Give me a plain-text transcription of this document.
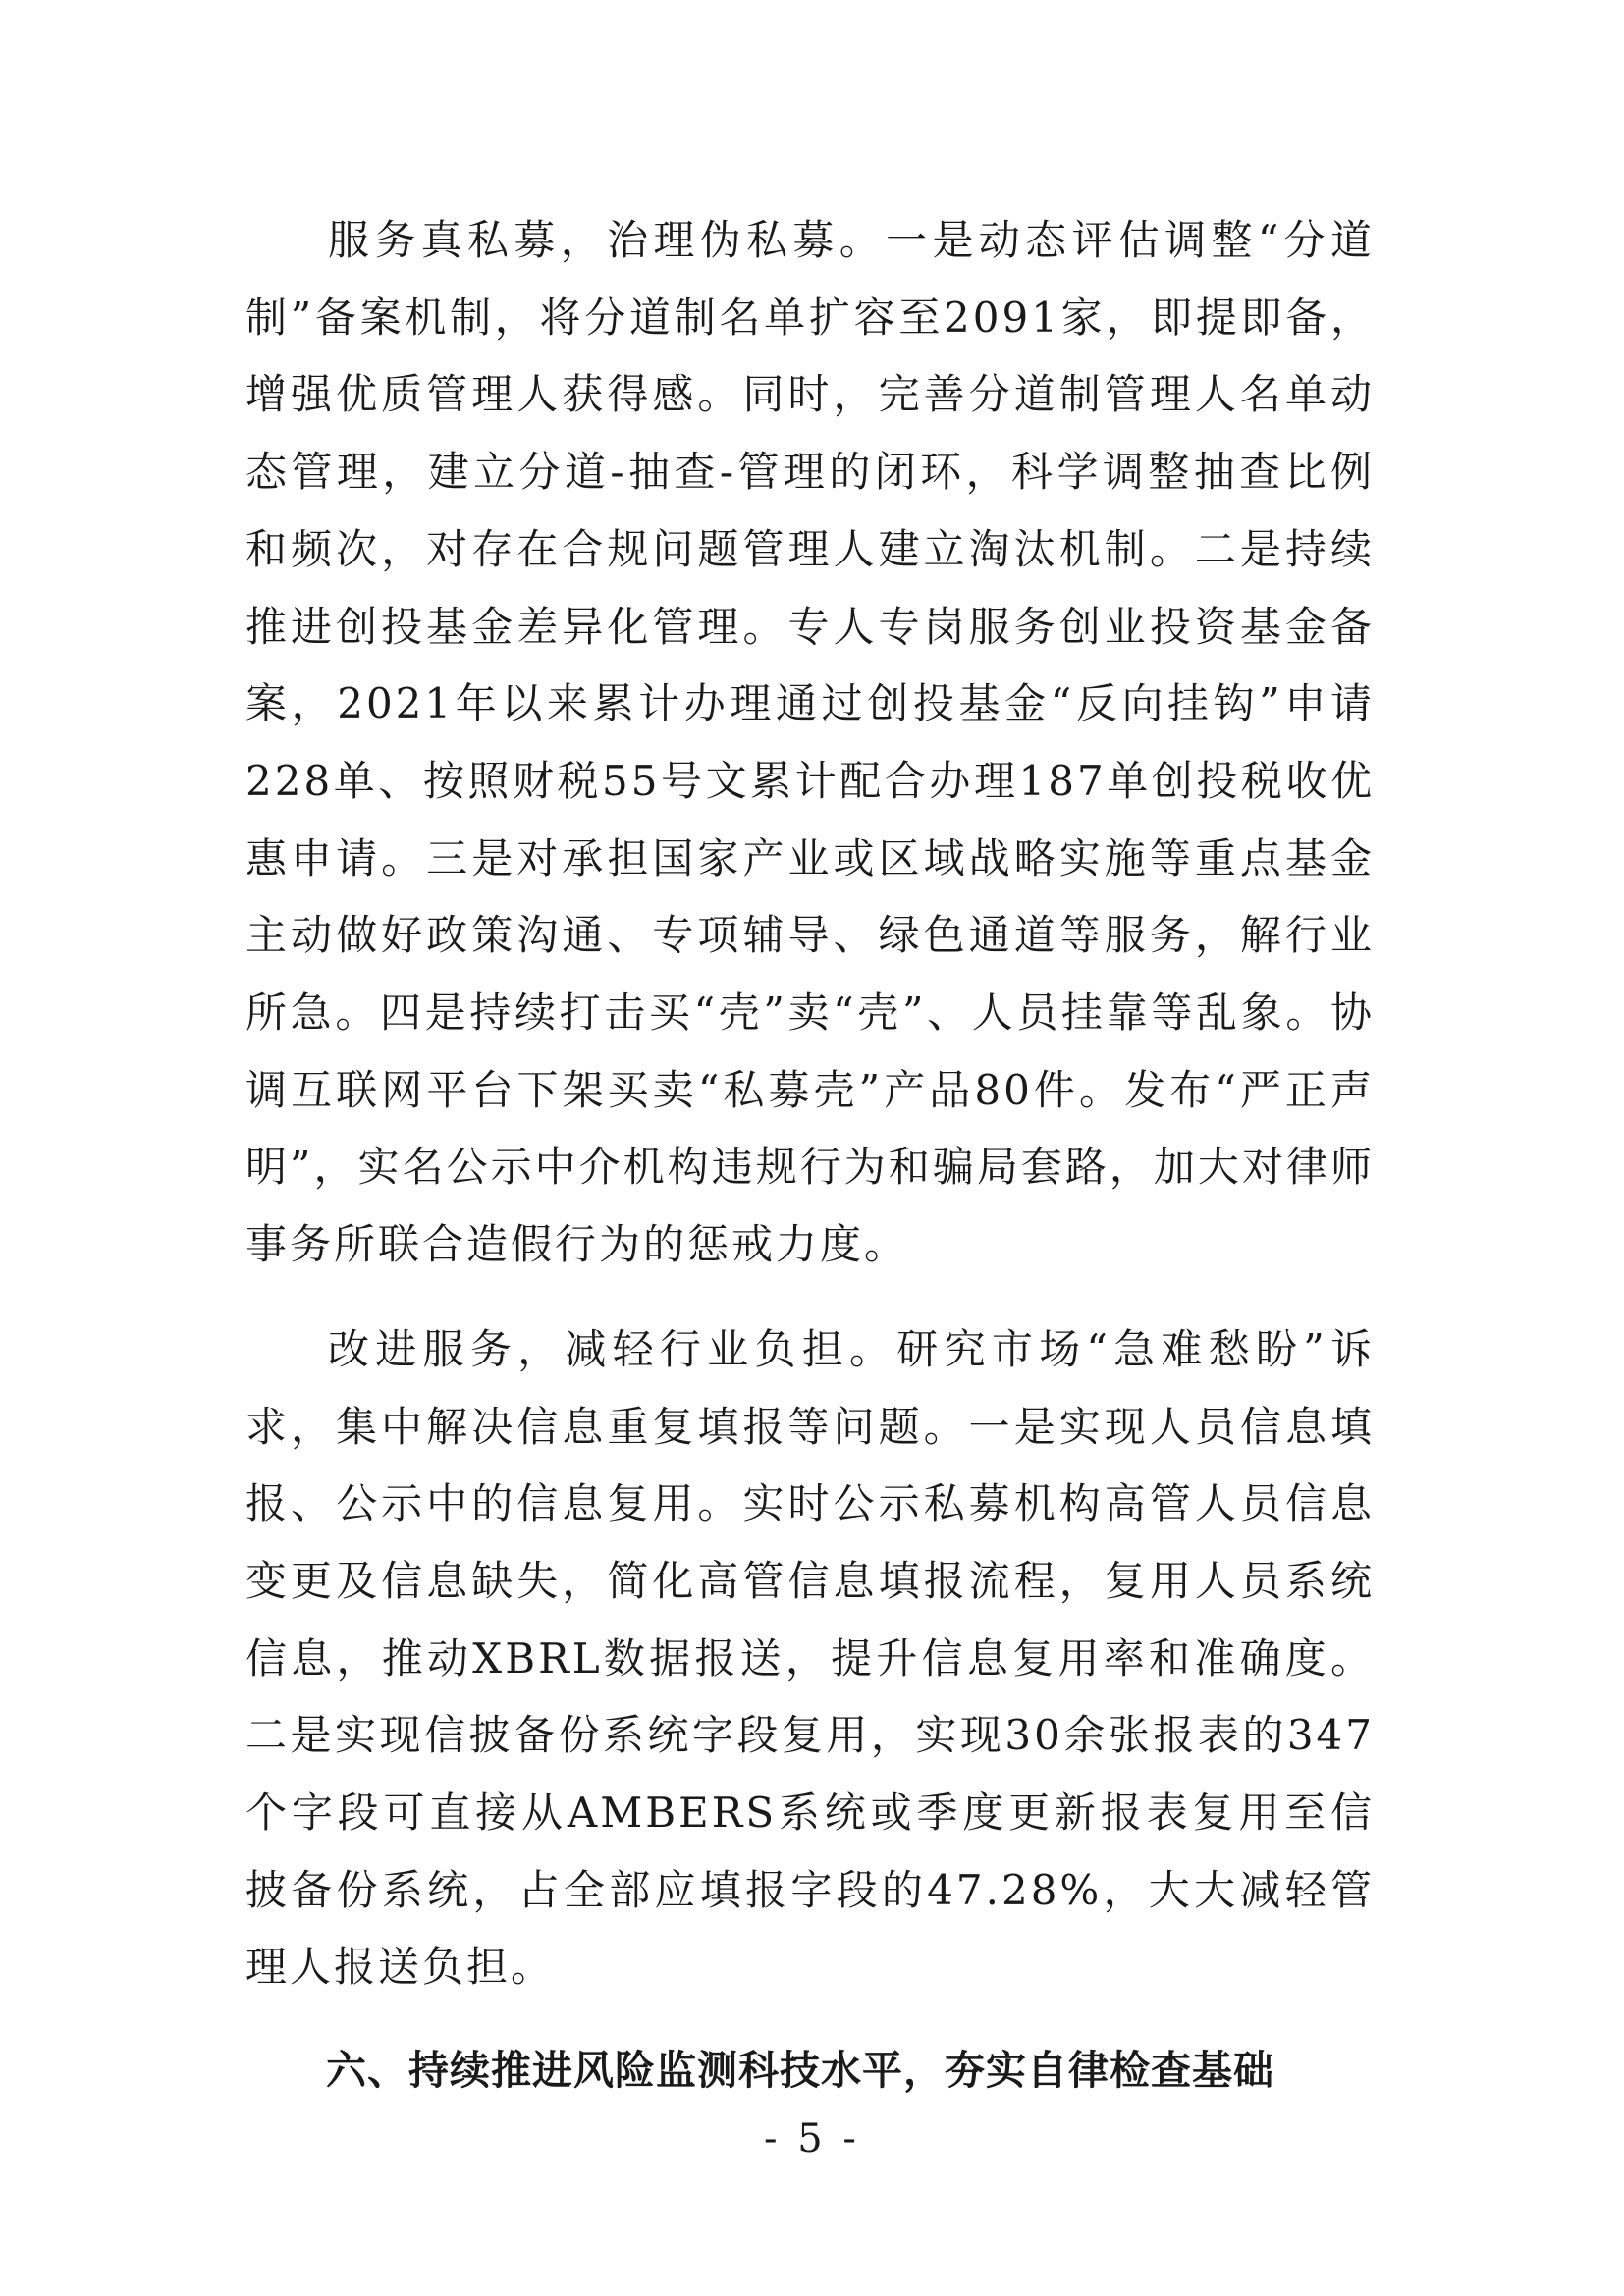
服务真私募，治理伪私募。一是动态评估调整“分道制”备案机制，将分道制名单扩容至2091家，即提即备，增强优质管理人获得感。同时，完善分道制管理人名单动态管理，建立分道-抽查-管理的闭环，科学调整抽查比例和频次，对存在合规问题管理人建立淘汰机制。二是持续推进创投基金差异化管理。专人专岗服务创业投资基金备案，2021年以来累计办理通过创投基金“反向挂钩”申请228单、按照财税55号文累计配合办理187单创投税收优惠申请。三是对承担国家产业或区域战略实施等重点基金主动做好政策沟通、专项辅导、绿色通道等服务，解行业所急。四是持续打击买“壳”卖“壳”、人员挂靠等乱象。协调互联网平台下架买卖“私募壳”产品80件。发布“严正声明”，实名公示中介机构违规行为和骗局套路，加大对律师事务所联合造假行为的惩戒力度。

改进服务，减轻行业负担。研究市场“急难愁盼”诉求，集中解决信息重复填报等问题。一是实现人员信息填报、公示中的信息复用。实时公示私募机构高管人员信息变更及信息缺失，简化高管信息填报流程，复用人员系统信息，推动XBRL数据报送，提升信息复用率和准确度。二是实现信披备份系统字段复用，实现30余张报表的347个字段可直接从AMBERS系统或季度更新报表复用至信披备份系统，占全部应填报字段的47.28%，大大减轻管理人报送负担。

六、持续推进风险监测科技水平，夯实自律检查基础
- 5 -
